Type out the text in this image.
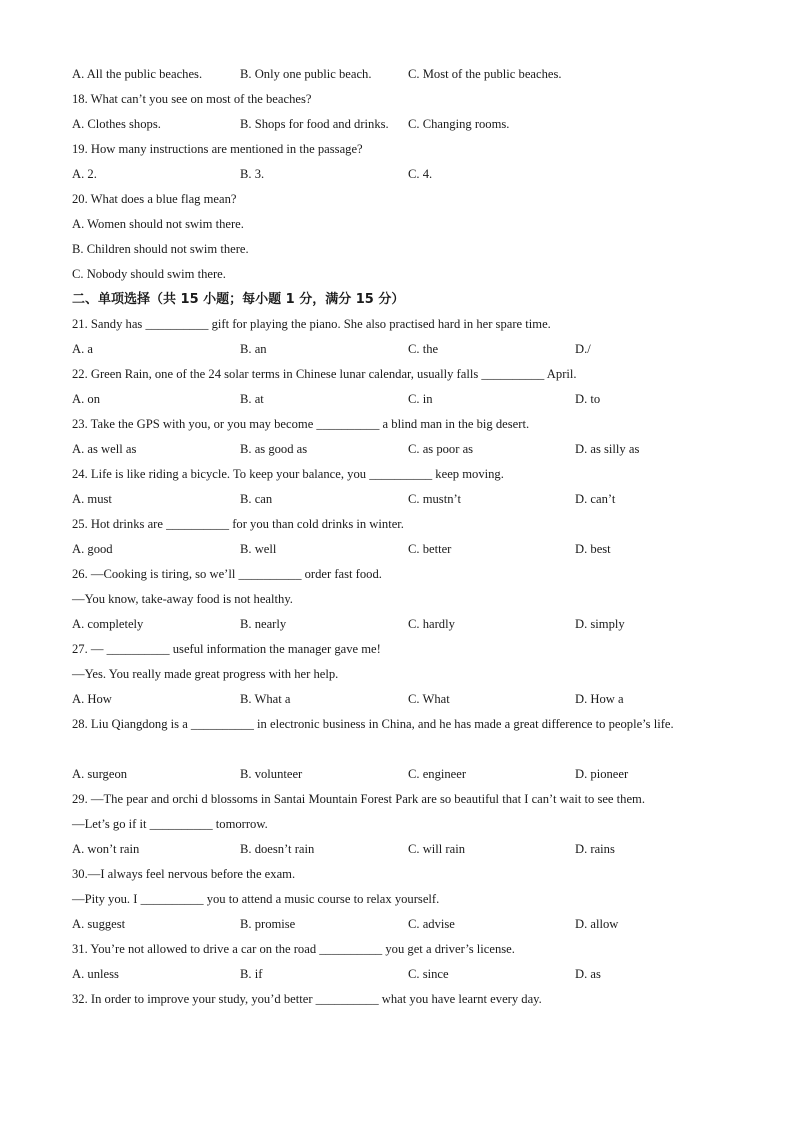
A. All the public beaches.	B. Only one public beach.	C. Most of the public beaches.
18. What can’t you see on most of the beaches?
A. Clothes shops.	B. Shops for food and drinks. C. Changing rooms.
19. How many instructions are mentioned in the passage?
A. 2.	B. 3.	C. 4.
20. What does a blue flag mean?
A. Women should not swim there.
B. Children should not swim there.
C. Nobody should swim there.
二、单项选择（共 15 小题；每小题 1 分，满分 15 分）
21. Sandy has __________ gift for playing the piano. She also practised hard in her spare time.
A. a	B. an	C. the	D./
22. Green Rain, one of the 24 solar terms in Chinese lunar calendar, usually falls __________ April.
A. on	B. at	C. in	D. to
23. Take the GPS with you, or you may become __________ a blind man in the big desert.
A. as well as	B. as good as	C. as poor as	D. as silly as
24. Life is like riding a bicycle. To keep your balance, you __________ keep moving.
A. must	B. can	C. mustn’t	D. can’t
25. Hot drinks are __________ for you than cold drinks in winter.
A. good	B. well	C. better	D. best
26. —Cooking is tiring, so we’ll __________ order fast food.
—You know, take-away food is not healthy.
A. completely	B. nearly	C. hardly	D. simply
27. — __________ useful information the manager gave me!
—Yes. You really made great progress with her help.
A. How	B. What a	C. What	D. How a
28. Liu Qiangdong is a __________ in electronic business in China, and he has made a great difference to people’s life.
A. surgeon	B. volunteer	C. engineer	D. pioneer
29. —The pear and orchi d blossoms in Santai Mountain Forest Park are so beautiful that I can’t wait to see them.
—Let’s go if it __________ tomorrow.
A. won’t rain	B. doesn’t rain	C. will rain	D. rains
30.—I always feel nervous before the exam.
—Pity you. I __________ you to attend a music course to relax yourself.
A. suggest	B. promise	C. advise	D. allow
31. You’re not allowed to drive a car on the road __________ you get a driver’s license.
A. unless	B. if	C. since	D. as
32. In order to improve your study, you’d better __________ what you have learnt every day.
